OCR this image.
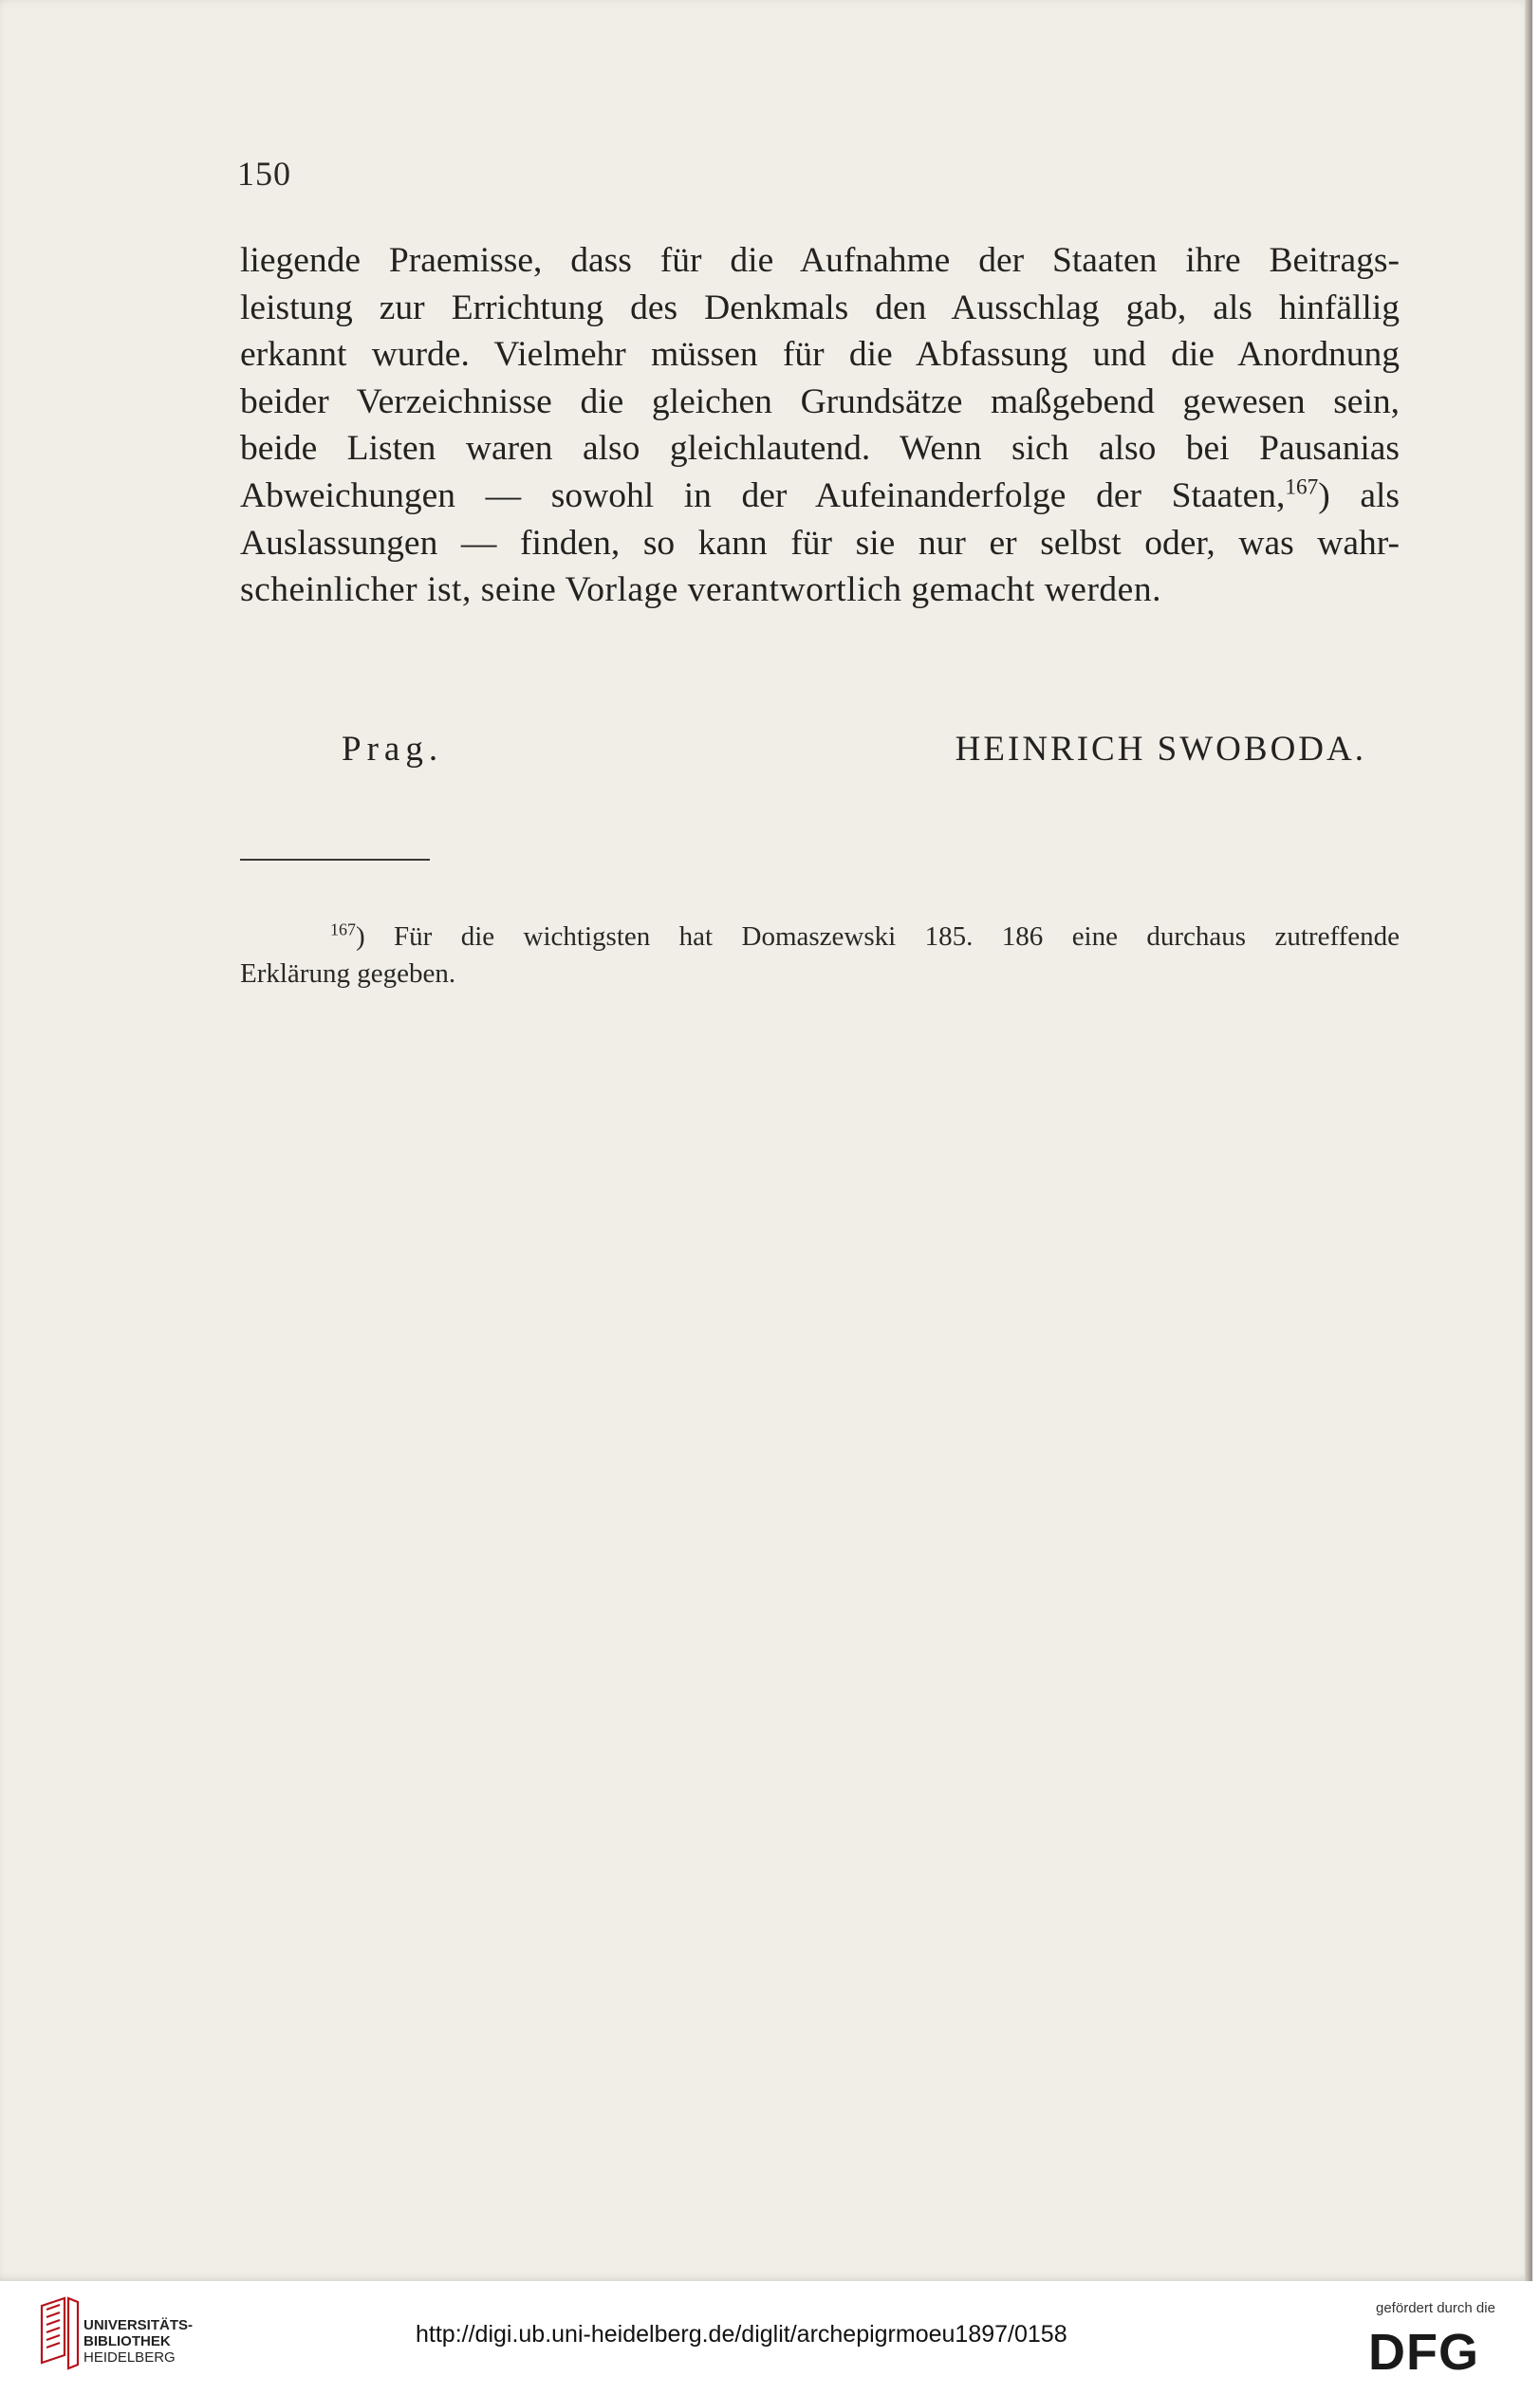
150
liegende Praemisse, dass für die Aufnahme der Staaten ihre Beitrags-
leistung zur Errichtung des Denkmals den Ausschlag gab, als hinfällig
erkannt wurde. Vielmehr müssen für die Abfassung und die Anordnung
beider Verzeichnisse die gleichen Grundsätze maßgebend gewesen sein,
beide Listen waren also gleichlautend. Wenn sich also bei Pausanias
Abweichungen — sowohl in der Aufeinanderfolge der Staaten,$^{167}$) als
Auslassungen — finden, so kann für sie nur er selbst oder, was wahr-
scheinlicher ist, seine Vorlage verantwortlich gemacht werden.
Prag.	HEINRICH SWOBODA.
$^{167}$) Für die wichtigsten hat Domaszewski 185. 186 eine durchaus zutreffende
Erklärung gegeben.
UNIVERSITÄTS-
BIBLIOTHEK
HEIDELBERG
http://digi.ub.uni-heidelberg.de/diglit/archepigrmoeu1897/0158
gefördert durch die
DFG
